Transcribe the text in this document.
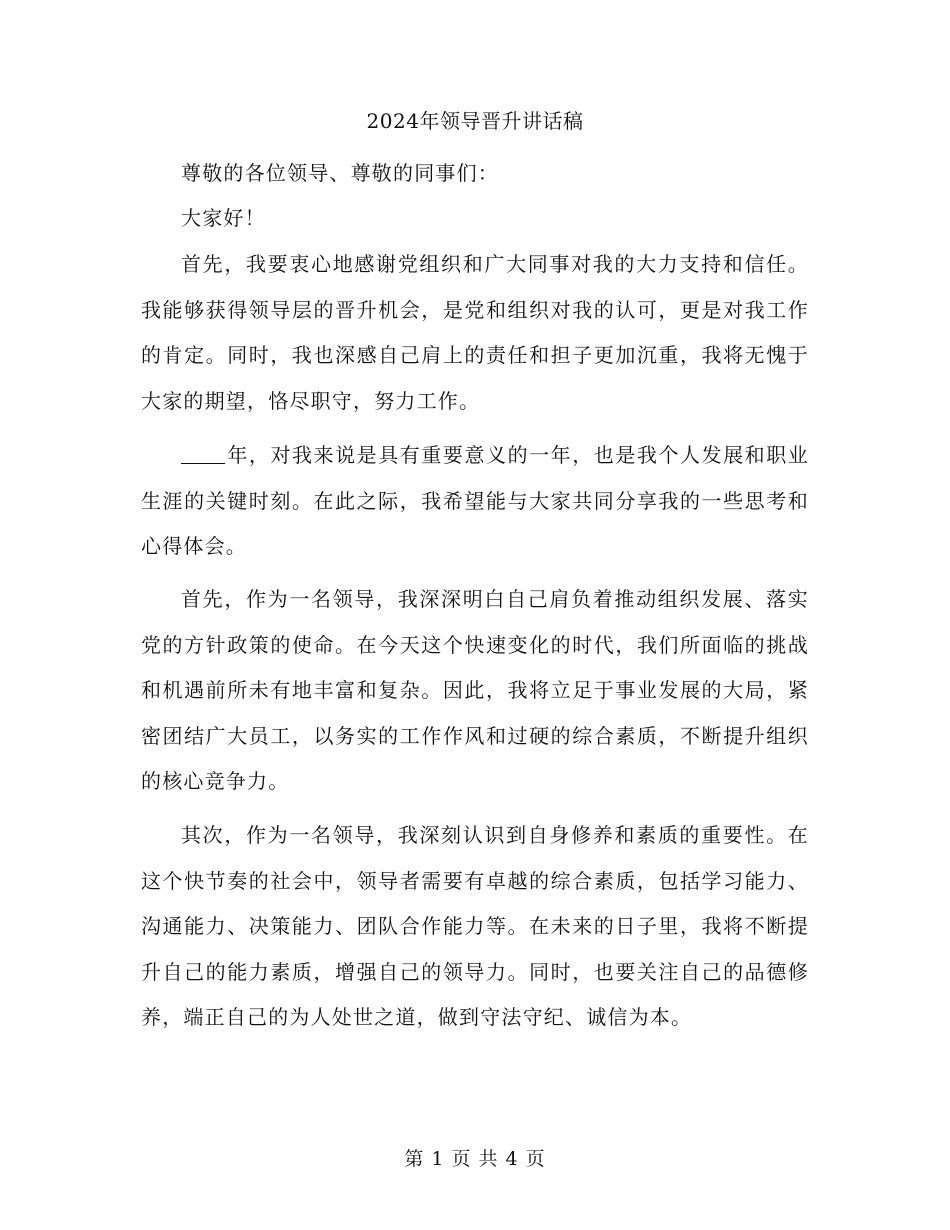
2024年领导晋升讲话稿
尊敬的各位领导、尊敬的同事们：
大家好！
首先，我要衷心地感谢党组织和广大同事对我的大力支持和信任。我能够获得领导层的晋升机会，是党和组织对我的认可，更是对我工作的肯定。同时，我也深感自己肩上的责任和担子更加沉重，我将无愧于大家的期望，恪尽职守，努力工作。
年，对我来说是具有重要意义的一年，也是我个人发展和职业生涯的关键时刻。在此之际，我希望能与大家共同分享我的一些思考和心得体会。
首先，作为一名领导，我深深明白自己肩负着推动组织发展、落实党的方针政策的使命。在今天这个快速变化的时代，我们所面临的挑战和机遇前所未有地丰富和复杂。因此，我将立足于事业发展的大局，紧密团结广大员工，以务实的工作作风和过硬的综合素质，不断提升组织的核心竞争力。
其次，作为一名领导，我深刻认识到自身修养和素质的重要性。在这个快节奏的社会中，领导者需要有卓越的综合素质，包括学习能力、沟通能力、决策能力、团队合作能力等。在未来的日子里，我将不断提升自己的能力素质，增强自己的领导力。同时，也要关注自己的品德修养，端正自己的为人处世之道，做到守法守纪、诚信为本。
第 1 页 共 4 页
